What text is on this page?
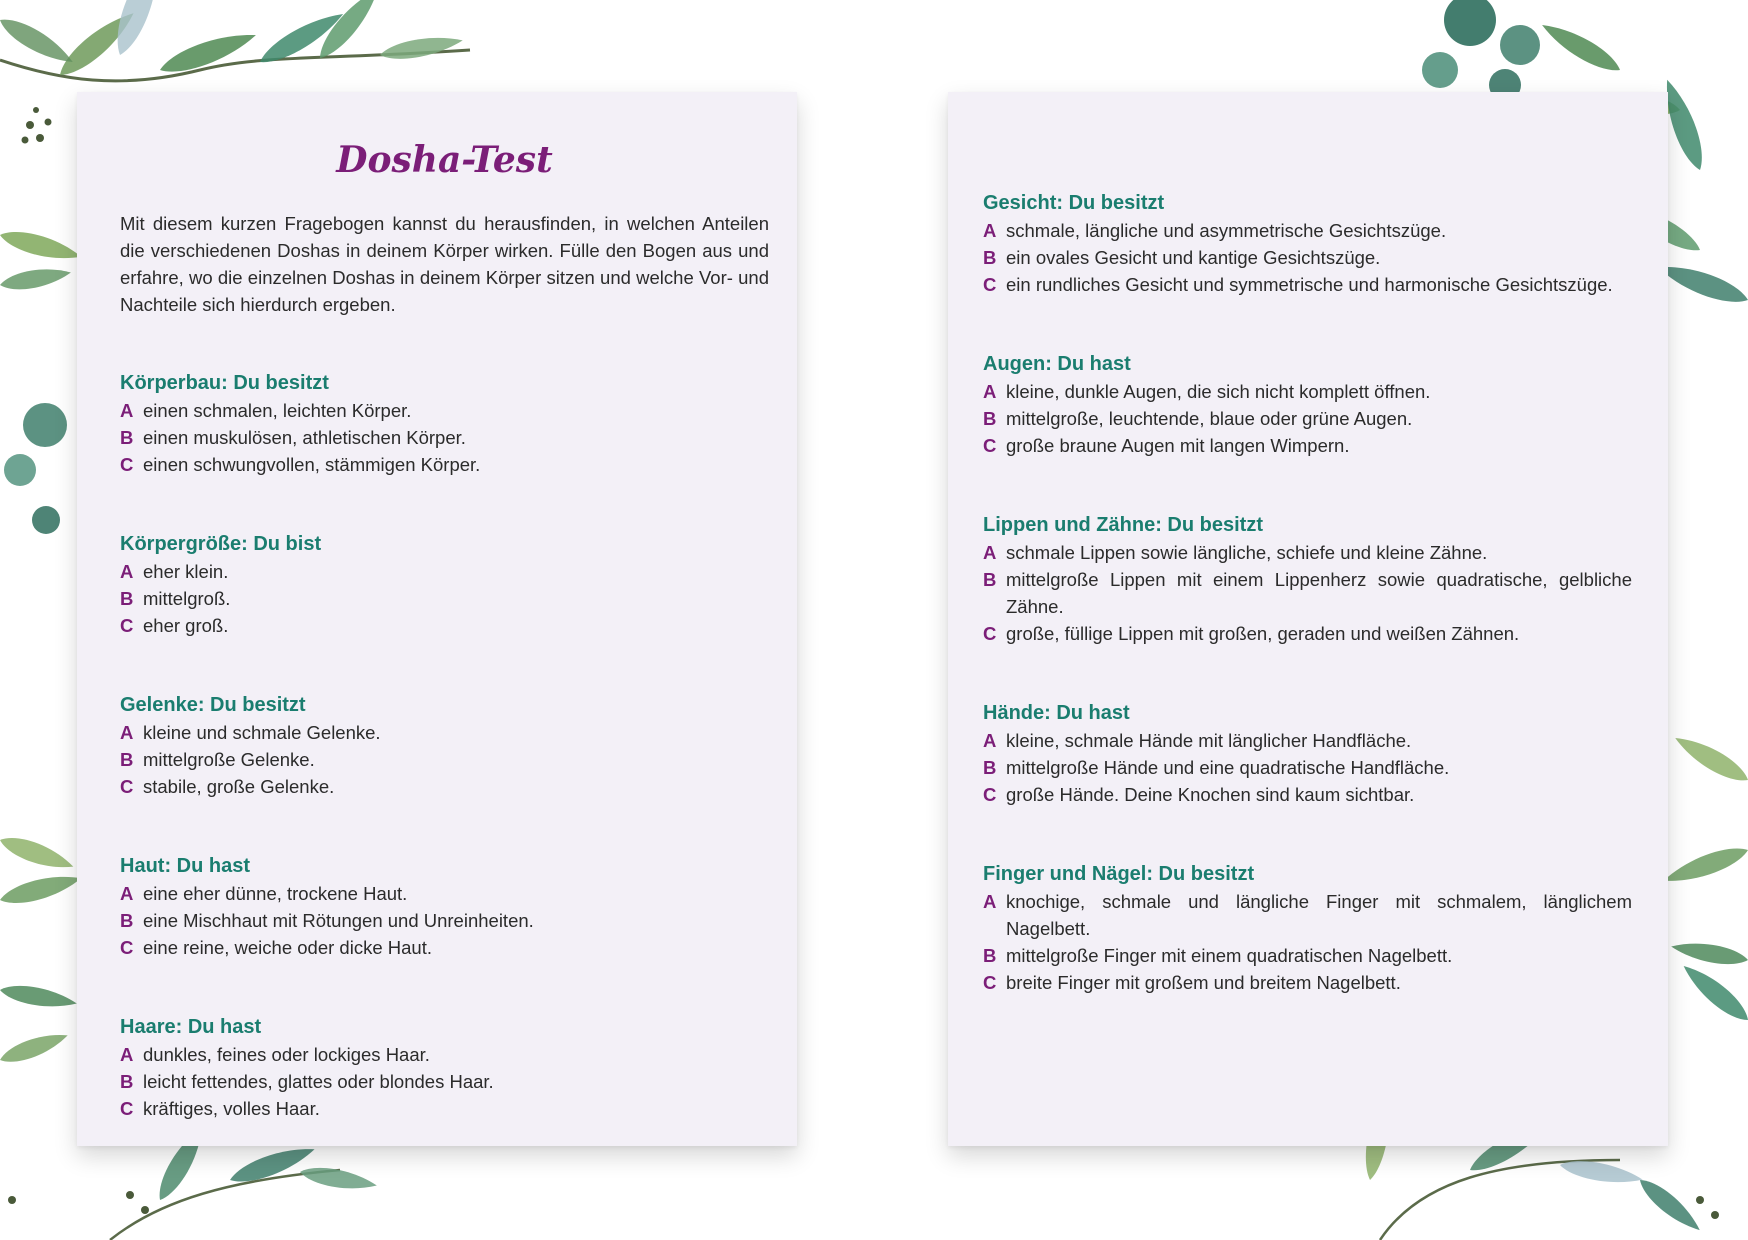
Dosha-Test

Mit diesem kurzen Fragebogen kannst du herausfinden, in welchen Anteilen die verschiedenen Doshas in deinem Körper wirken. Fülle den Bogen aus und erfahre, wo die einzelnen Doshas in deinem Körper sitzen und welche Vor- und Nachteile sich hierdurch ergeben.

Körperbau: Du besitzt
A einen schmalen, leichten Körper.
B einen muskulösen, athletischen Körper.
C einen schwungvollen, stämmigen Körper.
Körpergröße: Du bist
A eher klein.
B mittelgroß.
C eher groß.
Gelenke: Du besitzt
A kleine und schmale Gelenke.
B mittelgroße Gelenke.
C stabile, große Gelenke.
Haut: Du hast
A eine eher dünne, trockene Haut.
B eine Mischhaut mit Rötungen und Unreinheiten.
C eine reine, weiche oder dicke Haut.
Haare: Du hast
A dunkles, feines oder lockiges Haar.
B leicht fettendes, glattes oder blondes Haar.
C kräftiges, volles Haar.
Gesicht: Du besitzt
A schmale, längliche und asymmetrische Gesichtszüge.
B ein ovales Gesicht und kantige Gesichtszüge.
C ein rundliches Gesicht und symmetrische und harmonische Gesichtszüge.
Augen: Du hast
A kleine, dunkle Augen, die sich nicht komplett öffnen.
B mittelgroße, leuchtende, blaue oder grüne Augen.
C große braune Augen mit langen Wimpern.
Lippen und Zähne: Du besitzt
A schmale Lippen sowie längliche, schiefe und kleine Zähne.
B mittelgroße Lippen mit einem Lippenherz sowie quadratische, gelbliche Zähne.
C große, füllige Lippen mit großen, geraden und weißen Zähnen.
Hände: Du hast
A kleine, schmale Hände mit länglicher Handfläche.
B mittelgroße Hände und eine quadratische Handfläche.
C große Hände. Deine Knochen sind kaum sichtbar.
Finger und Nägel: Du besitzt
A knochige, schmale und längliche Finger mit schmalem, länglichem Nagelbett.
B mittelgroße Finger mit einem quadratischen Nagelbett.
C breite Finger mit großem und breitem Nagelbett.
